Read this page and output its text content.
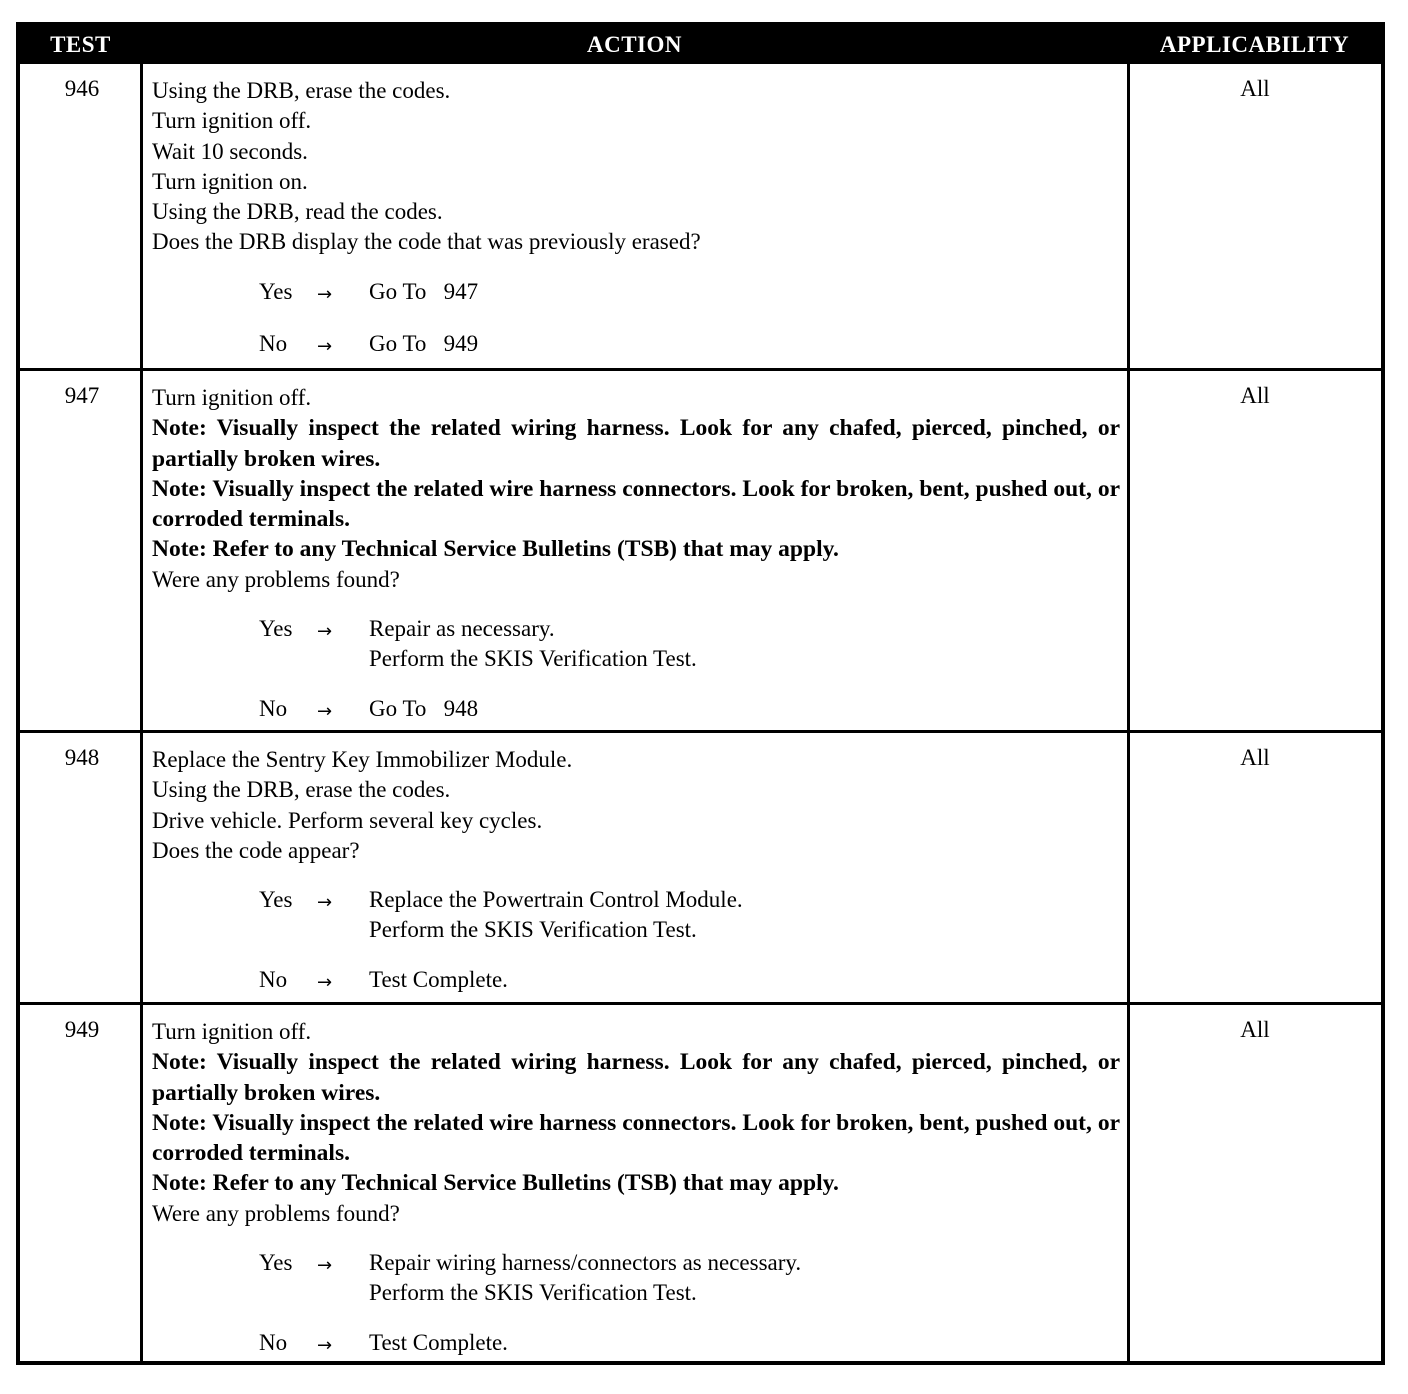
TEST	ACTION	APPLICABILITY
946	Using the DRB, erase the codes.
Turn ignition off.
Wait 10 seconds.
Turn ignition on.
Using the DRB, read the codes.
Does the DRB display the code that was previously erased?
Yes	→	Go To   947
No	→	Go To   949
All
947	Turn ignition off.
Note: Visually inspect the related wiring harness. Look for any chafed, pierced, pinched, or partially broken wires.
Note: Visually inspect the related wire harness connectors. Look for broken, bent, pushed out, or corroded terminals.
Note: Refer to any Technical Service Bulletins (TSB) that may apply.
Were any problems found?
Yes	→	Repair as necessary.
Perform the SKIS Verification Test.
No	→	Go To   948
All
948	Replace the Sentry Key Immobilizer Module.
Using the DRB, erase the codes.
Drive vehicle. Perform several key cycles.
Does the code appear?
Yes	→	Replace the Powertrain Control Module.
Perform the SKIS Verification Test.
No	→	Test Complete.
All
949	Turn ignition off.
Note: Visually inspect the related wiring harness. Look for any chafed, pierced, pinched, or partially broken wires.
Note: Visually inspect the related wire harness connectors. Look for broken, bent, pushed out, or corroded terminals.
Note: Refer to any Technical Service Bulletins (TSB) that may apply.
Were any problems found?
Yes	→	Repair wiring harness/connectors as necessary.
Perform the SKIS Verification Test.
No	→	Test Complete.
All
